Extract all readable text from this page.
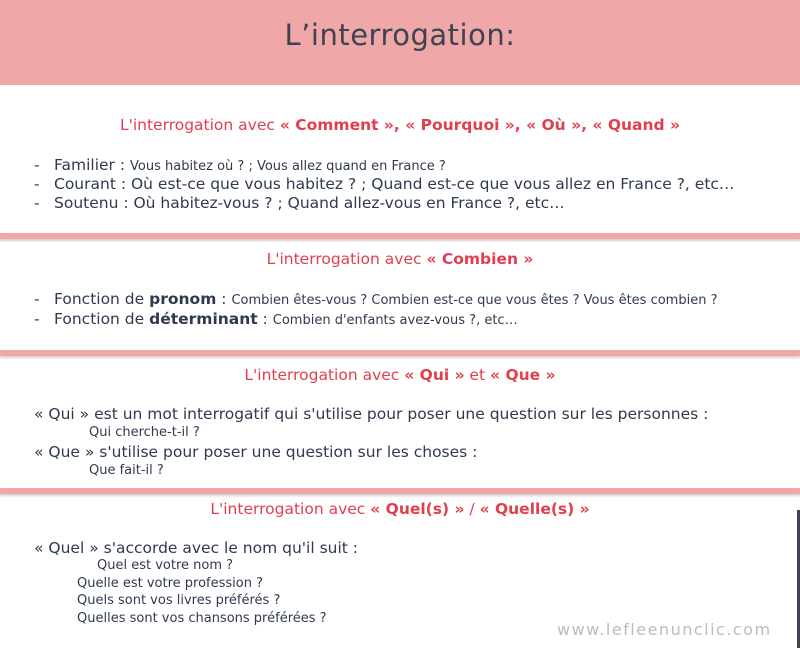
L’interrogation:
L'interrogation avec « Comment », « Pourquoi », « Où », « Quand »
- Familier : Vous habitez où ? ; Vous allez quand en France ?
- Courant : Où est-ce que vous habitez ? ; Quand est-ce que vous allez en France ?, etc…
- Soutenu : Où habitez-vous ? ; Quand allez-vous en France ?, etc…
L'interrogation avec « Combien »
- Fonction de pronom : Combien êtes-vous ? Combien est-ce que vous êtes ? Vous êtes combien ?
- Fonction de déterminant : Combien d'enfants avez-vous ?, etc…
L'interrogation avec « Qui » et « Que »
« Qui » est un mot interrogatif qui s'utilise pour poser une question sur les personnes :
Qui cherche-t-il ?
« Que » s'utilise pour poser une question sur les choses :
Que fait-il ?
L'interrogation avec « Quel(s) » / « Quelle(s) »
« Quel » s'accorde avec le nom qu'il suit :
Quel est votre nom ?
Quelle est votre profession ?
Quels sont vos livres préférés ?
Quelles sont vos chansons préférées ?
www.lefleenunclic.com
